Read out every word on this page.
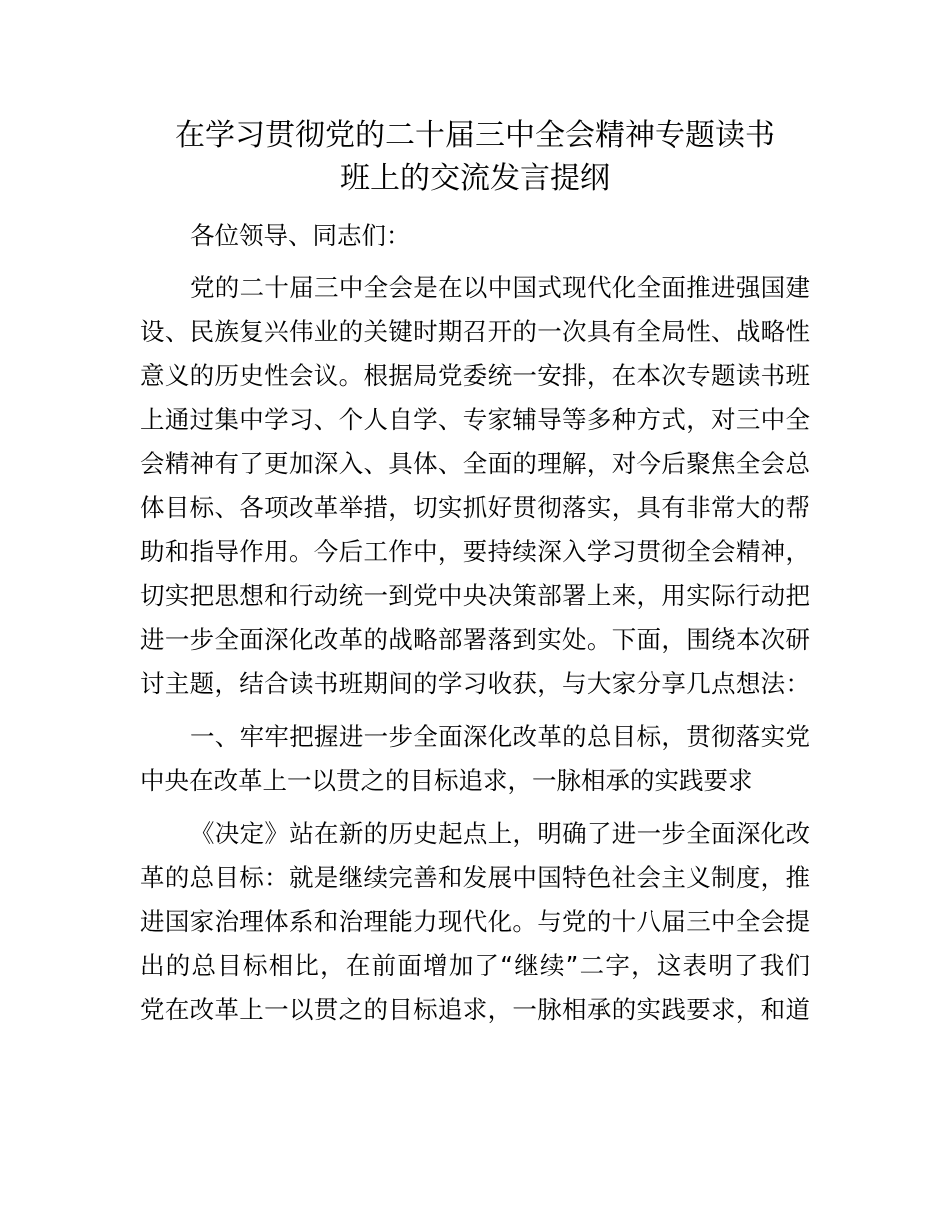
在学习贯彻党的二十届三中全会精神专题读书
班上的交流发言提纲
各位领导、同志们：
党的二十届三中全会是在以中国式现代化全面推进强国建
设、民族复兴伟业的关键时期召开的一次具有全局性、战略性
意义的历史性会议。根据局党委统一安排，在本次专题读书班
上通过集中学习、个人自学、专家辅导等多种方式，对三中全
会精神有了更加深入、具体、全面的理解，对今后聚焦全会总
体目标、各项改革举措，切实抓好贯彻落实，具有非常大的帮
助和指导作用。今后工作中，要持续深入学习贯彻全会精神，
切实把思想和行动统一到党中央决策部署上来，用实际行动把
进一步全面深化改革的战略部署落到实处。下面，围绕本次研
讨主题，结合读书班期间的学习收获，与大家分享几点想法：
一、牢牢把握进一步全面深化改革的总目标，贯彻落实党
中央在改革上一以贯之的目标追求，一脉相承的实践要求
《决定》站在新的历史起点上，明确了进一步全面深化改
革的总目标：就是继续完善和发展中国特色社会主义制度，推
进国家治理体系和治理能力现代化。与党的十八届三中全会提
出的总目标相比，在前面增加了“继续”二字，这表明了我们
党在改革上一以贯之的目标追求，一脉相承的实践要求，和道
